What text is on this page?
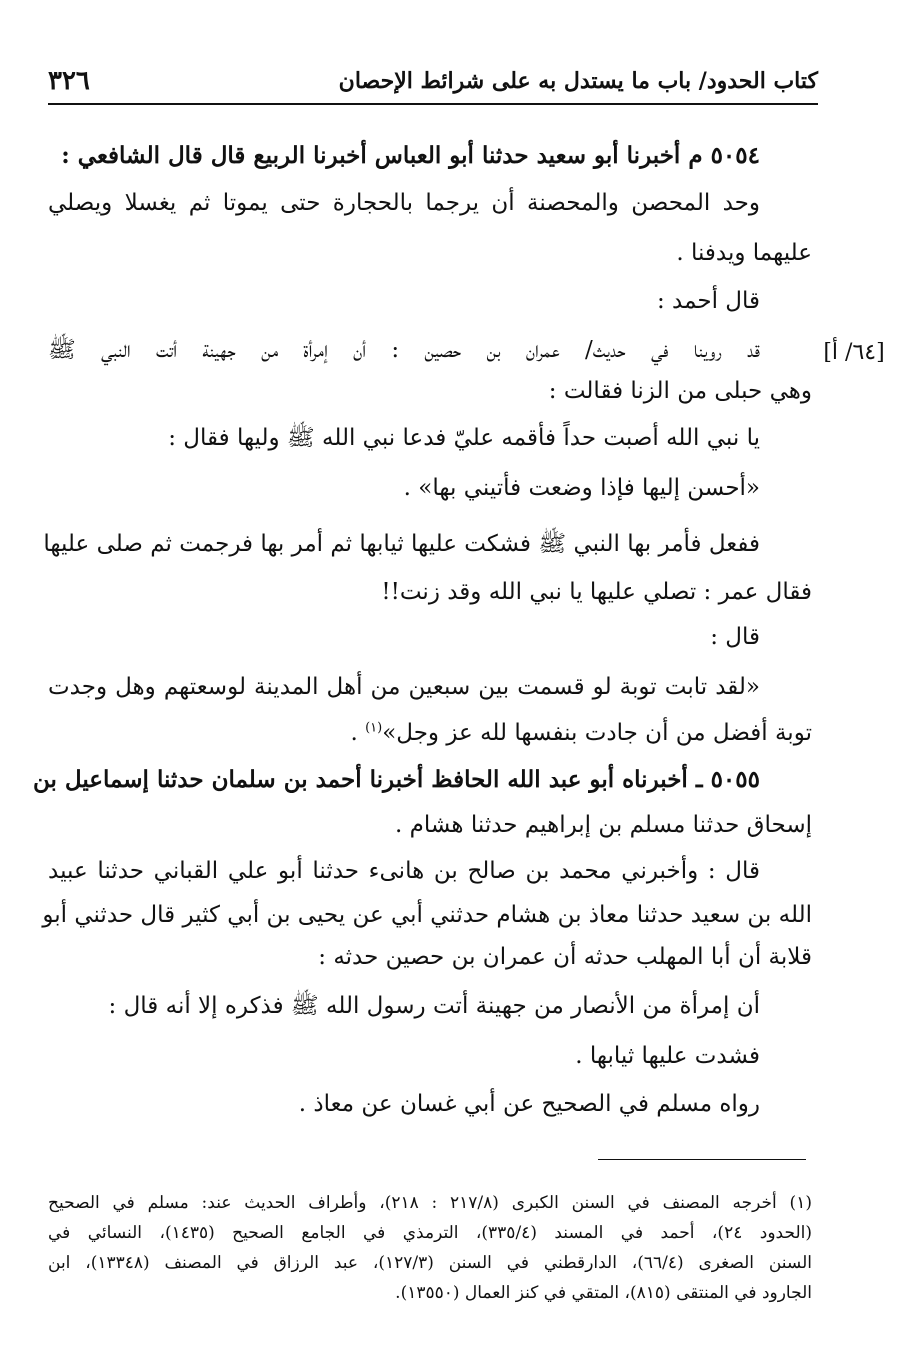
٣٢٦	كتاب الحدود/ باب ما يستدل به على شرائط الإحصان
[٦٤/ أ]
٥٠٥٤ م أخبرنا أبو سعيد حدثنا أبو العباس أخبرنا الربيع قال قال الشافعي :
وحد المحصن والمحصنة أن يرجما بالحجارة حتى يموتا ثم يغسلا ويصلي
عليهما ويدفنا .
قال أحمد :
قد روينا في حديث/ عمران بن حصين : أن إمرأة من جهينة أتت النبي ﷺ
وهي حبلى من الزنا فقالت :
يا نبي الله أصبت حداً فأقمه عليّ فدعا نبي الله ﷺ وليها فقال :
«أحسن إليها فإذا وضعت فأتيني بها» .
ففعل فأمر بها النبي ﷺ فشكت عليها ثيابها ثم أمر بها فرجمت ثم صلى عليها
فقال عمر : تصلي عليها يا نبي الله وقد زنت!!
قال :
«لقد تابت توبة لو قسمت بين سبعين من أهل المدينة لوسعتهم وهل وجدت
توبة أفضل من أن جادت بنفسها لله عز وجل»$^{(١)}$ .
٥٠٥٥ ـ أخبرناه أبو عبد الله الحافظ أخبرنا أحمد بن سلمان حدثنا إسماعيل بن
إسحاق حدثنا مسلم بن إبراهيم حدثنا هشام .
قال : وأخبرني محمد بن صالح بن هانىء حدثنا أبو علي القباني حدثنا عبيد
الله بن سعيد حدثنا معاذ بن هشام حدثني أبي عن يحيى بن أبي كثير قال حدثني أبو
قلابة أن أبا المهلب حدثه أن عمران بن حصين حدثه :
أن إمرأة من الأنصار من جهينة أتت رسول الله ﷺ فذكره إلا أنه قال :
فشدت عليها ثيابها .
رواه مسلم في الصحيح عن أبي غسان عن معاذ .
(١) أخرجه المصنف في السنن الكبرى (٢١٧/٨ : ٢١٨)، وأطراف الحديث عند: مسلم في الصحيح
(الحدود ٢٤)، أحمد في المسند (٣٣٥/٤)، الترمذي في الجامع الصحيح (١٤٣٥)، النسائي في
السنن الصغرى (٦٦/٤)، الدارقطني في السنن (١٢٧/٣)، عبد الرزاق في المصنف (١٣٣٤٨)، ابن
الجارود في المنتقى (٨١٥)، المتقي في كنز العمال (١٣٥٥٠).
